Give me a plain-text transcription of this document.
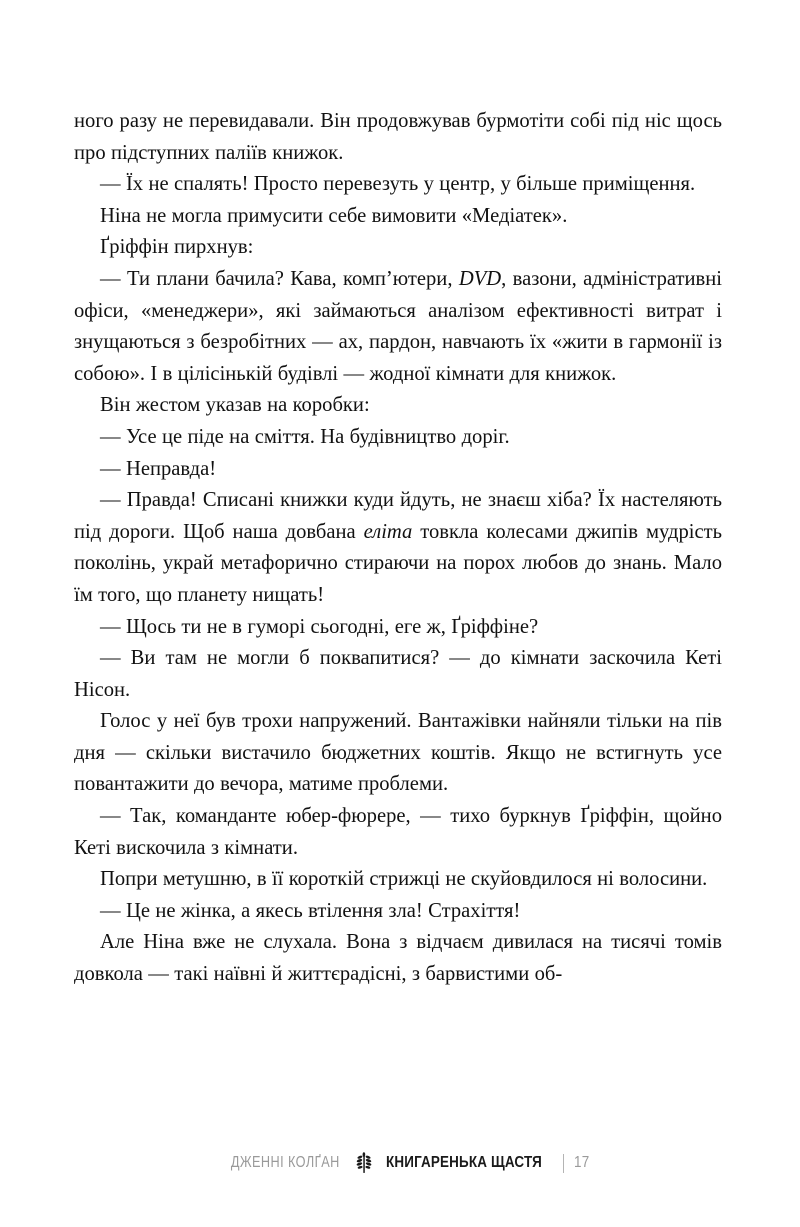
ного разу не перевидавали. Він продовжував бурмотіти собі під ніс щось про підступних паліїв книжок.

— Їх не спалять! Просто перевезуть у центр, у більше приміщення.

Ніна не могла примусити себе вимовити «Медіатек».

Ґріффін пирхнув:

— Ти плани бачила? Кава, комп’ютери, DVD, вазони, адміністративні офіси, «менеджери», які займаються аналізом ефективності витрат і знущаються з безробітних — ах, пардон, навчають їх «жити в гармонії із собою». І в цілісінькій будівлі — жодної кімнати для книжок.

Він жестом указав на коробки:

— Усе це піде на сміття. На будівництво доріг.

— Неправда!

— Правда! Списані книжки куди йдуть, не знаєш хіба? Їх настеляють під дороги. Щоб наша довбана еліта товкла колесами джипів мудрість поколінь, украй метафорично стираючи на порох любов до знань. Мало їм того, що планету нищать!

— Щось ти не в гуморі сьогодні, еге ж, Ґріффіне?

— Ви там не могли б поквапитися? — до кімнати заскочила Кеті Нісон.

Голос у неї був трохи напружений. Вантажівки найняли тільки на пів дня — скільки вистачило бюджетних коштів. Якщо не встигнуть усе повантажити до вечора, матиме проблеми.

— Так, команданте юбер-фюрере, — тихо буркнув Ґріффін, щойно Кеті вискочила з кімнати.

Попри метушню, в її короткій стрижці не скуйовдилося ні волосини.

— Це не жінка, а якесь втілення зла! Страхіття!

Але Ніна вже не слухала. Вона з відчаєм дивилася на тисячі томів довкола — такі наївні й життєрадісні, з барвистими об-

ДЖЕННІ КОЛҐАН	КНИГАРЕНЬКА ЩАСТЯ 17
